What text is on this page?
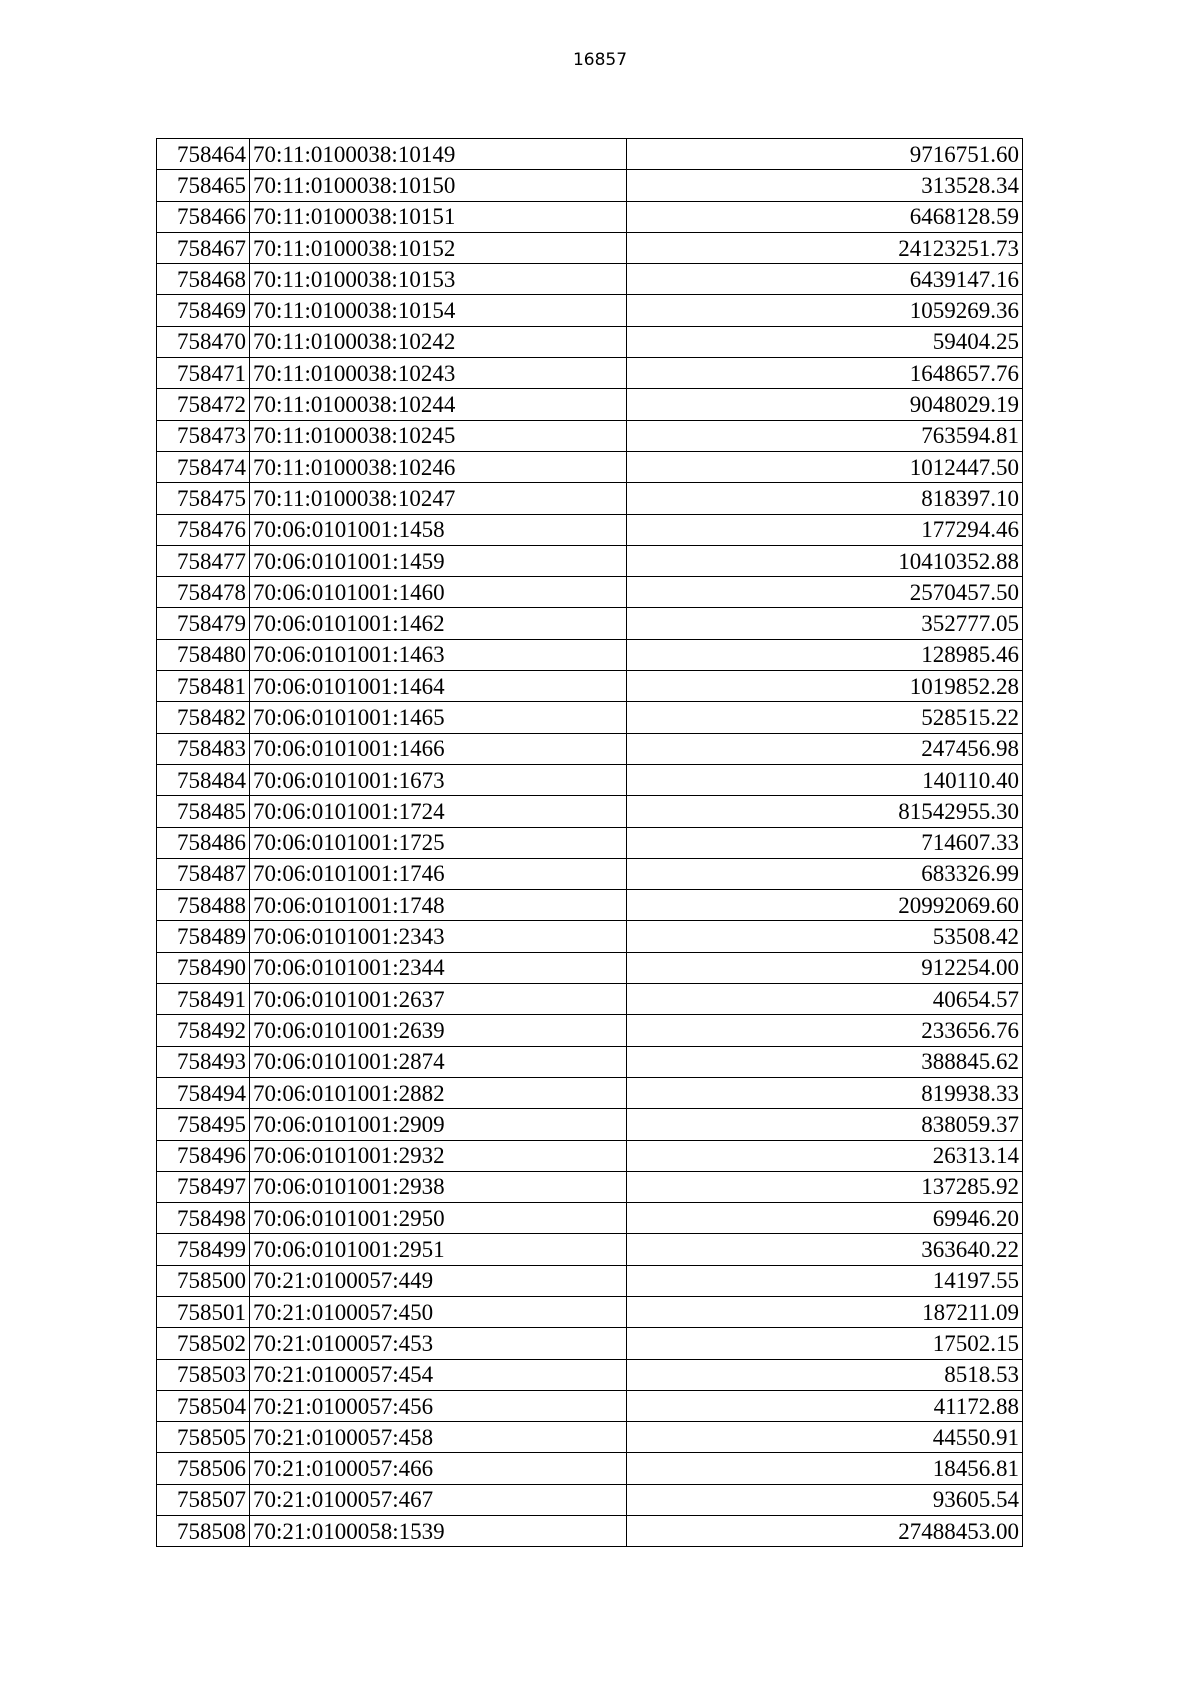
16857
758464	70:11:0100038:10149	9716751.60
758465	70:11:0100038:10150	313528.34
758466	70:11:0100038:10151	6468128.59
758467	70:11:0100038:10152	24123251.73
758468	70:11:0100038:10153	6439147.16
758469	70:11:0100038:10154	1059269.36
758470	70:11:0100038:10242	59404.25
758471	70:11:0100038:10243	1648657.76
758472	70:11:0100038:10244	9048029.19
758473	70:11:0100038:10245	763594.81
758474	70:11:0100038:10246	1012447.50
758475	70:11:0100038:10247	818397.10
758476	70:06:0101001:1458	177294.46
758477	70:06:0101001:1459	10410352.88
758478	70:06:0101001:1460	2570457.50
758479	70:06:0101001:1462	352777.05
758480	70:06:0101001:1463	128985.46
758481	70:06:0101001:1464	1019852.28
758482	70:06:0101001:1465	528515.22
758483	70:06:0101001:1466	247456.98
758484	70:06:0101001:1673	140110.40
758485	70:06:0101001:1724	81542955.30
758486	70:06:0101001:1725	714607.33
758487	70:06:0101001:1746	683326.99
758488	70:06:0101001:1748	20992069.60
758489	70:06:0101001:2343	53508.42
758490	70:06:0101001:2344	912254.00
758491	70:06:0101001:2637	40654.57
758492	70:06:0101001:2639	233656.76
758493	70:06:0101001:2874	388845.62
758494	70:06:0101001:2882	819938.33
758495	70:06:0101001:2909	838059.37
758496	70:06:0101001:2932	26313.14
758497	70:06:0101001:2938	137285.92
758498	70:06:0101001:2950	69946.20
758499	70:06:0101001:2951	363640.22
758500	70:21:0100057:449	14197.55
758501	70:21:0100057:450	187211.09
758502	70:21:0100057:453	17502.15
758503	70:21:0100057:454	8518.53
758504	70:21:0100057:456	41172.88
758505	70:21:0100057:458	44550.91
758506	70:21:0100057:466	18456.81
758507	70:21:0100057:467	93605.54
758508	70:21:0100058:1539	27488453.00
